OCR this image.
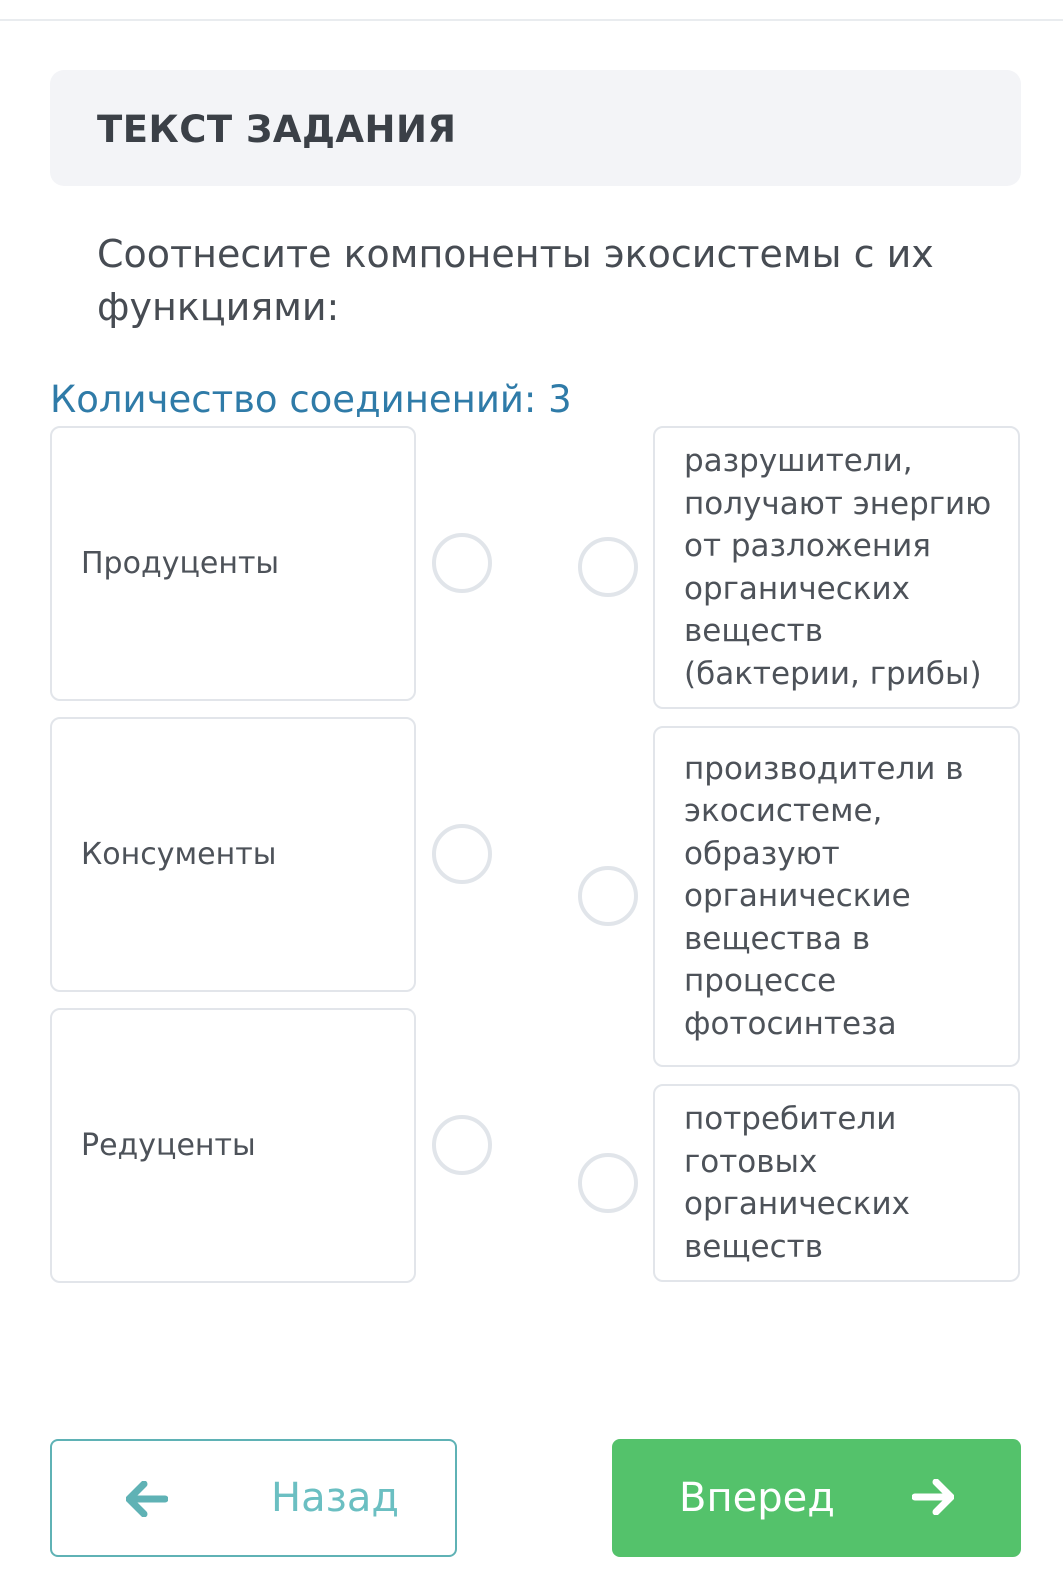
ТЕКСТ ЗАДАНИЯ
Соотнесите компоненты экосистемы с их функциями:
Количество соединений: 3
Продуценты
Консументы
Редуценты
разрушители, получают энергию от разложения органических веществ (бактерии, грибы)
производители в экосистеме, образуют органические вещества в процессе фотосинтеза
потребители готовых органических веществ
Назад	Вперед
